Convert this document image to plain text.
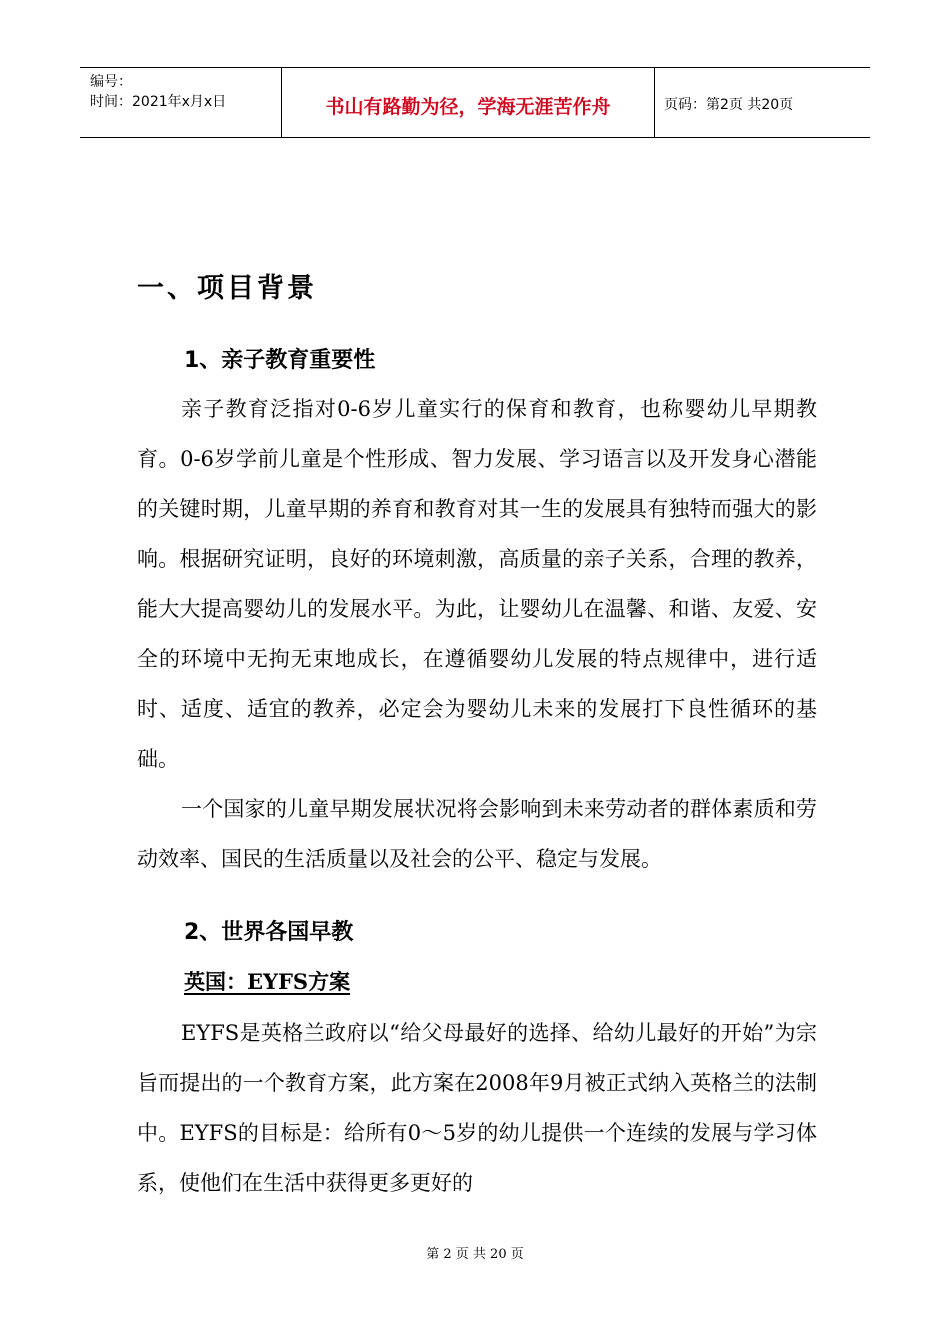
编号：
时间：2021年x月x日	书山有路勤为径，学海无涯苦作舟	页码：第2页 共20页
一、项目背景
1、亲子教育重要性
亲子教育泛指对0-6岁儿童实行的保育和教育，也称婴幼儿早期教育。0-6岁学前儿童是个性形成、智力发展、学习语言以及开发身心潜能的关键时期，儿童早期的养育和教育对其一生的发展具有独特而强大的影响。根据研究证明，良好的环境刺激，高质量的亲子关系，合理的教养，能大大提高婴幼儿的发展水平。为此，让婴幼儿在温馨、和谐、友爱、安全的环境中无拘无束地成长，在遵循婴幼儿发展的特点规律中，进行适时、适度、适宜的教养，必定会为婴幼儿未来的发展打下良性循环的基础。
一个国家的儿童早期发展状况将会影响到未来劳动者的群体素质和劳动效率、国民的生活质量以及社会的公平、稳定与发展。
2、世界各国早教
英国：EYFS方案
EYFS是英格兰政府以“给父母最好的选择、给幼儿最好的开始”为宗旨而提出的一个教育方案，此方案在2008年9月被正式纳入英格兰的法制中。EYFS的目标是：给所有0～5岁的幼儿提供一个连续的发展与学习体系，使他们在生活中获得更多更好的
第 2 页 共 20 页
